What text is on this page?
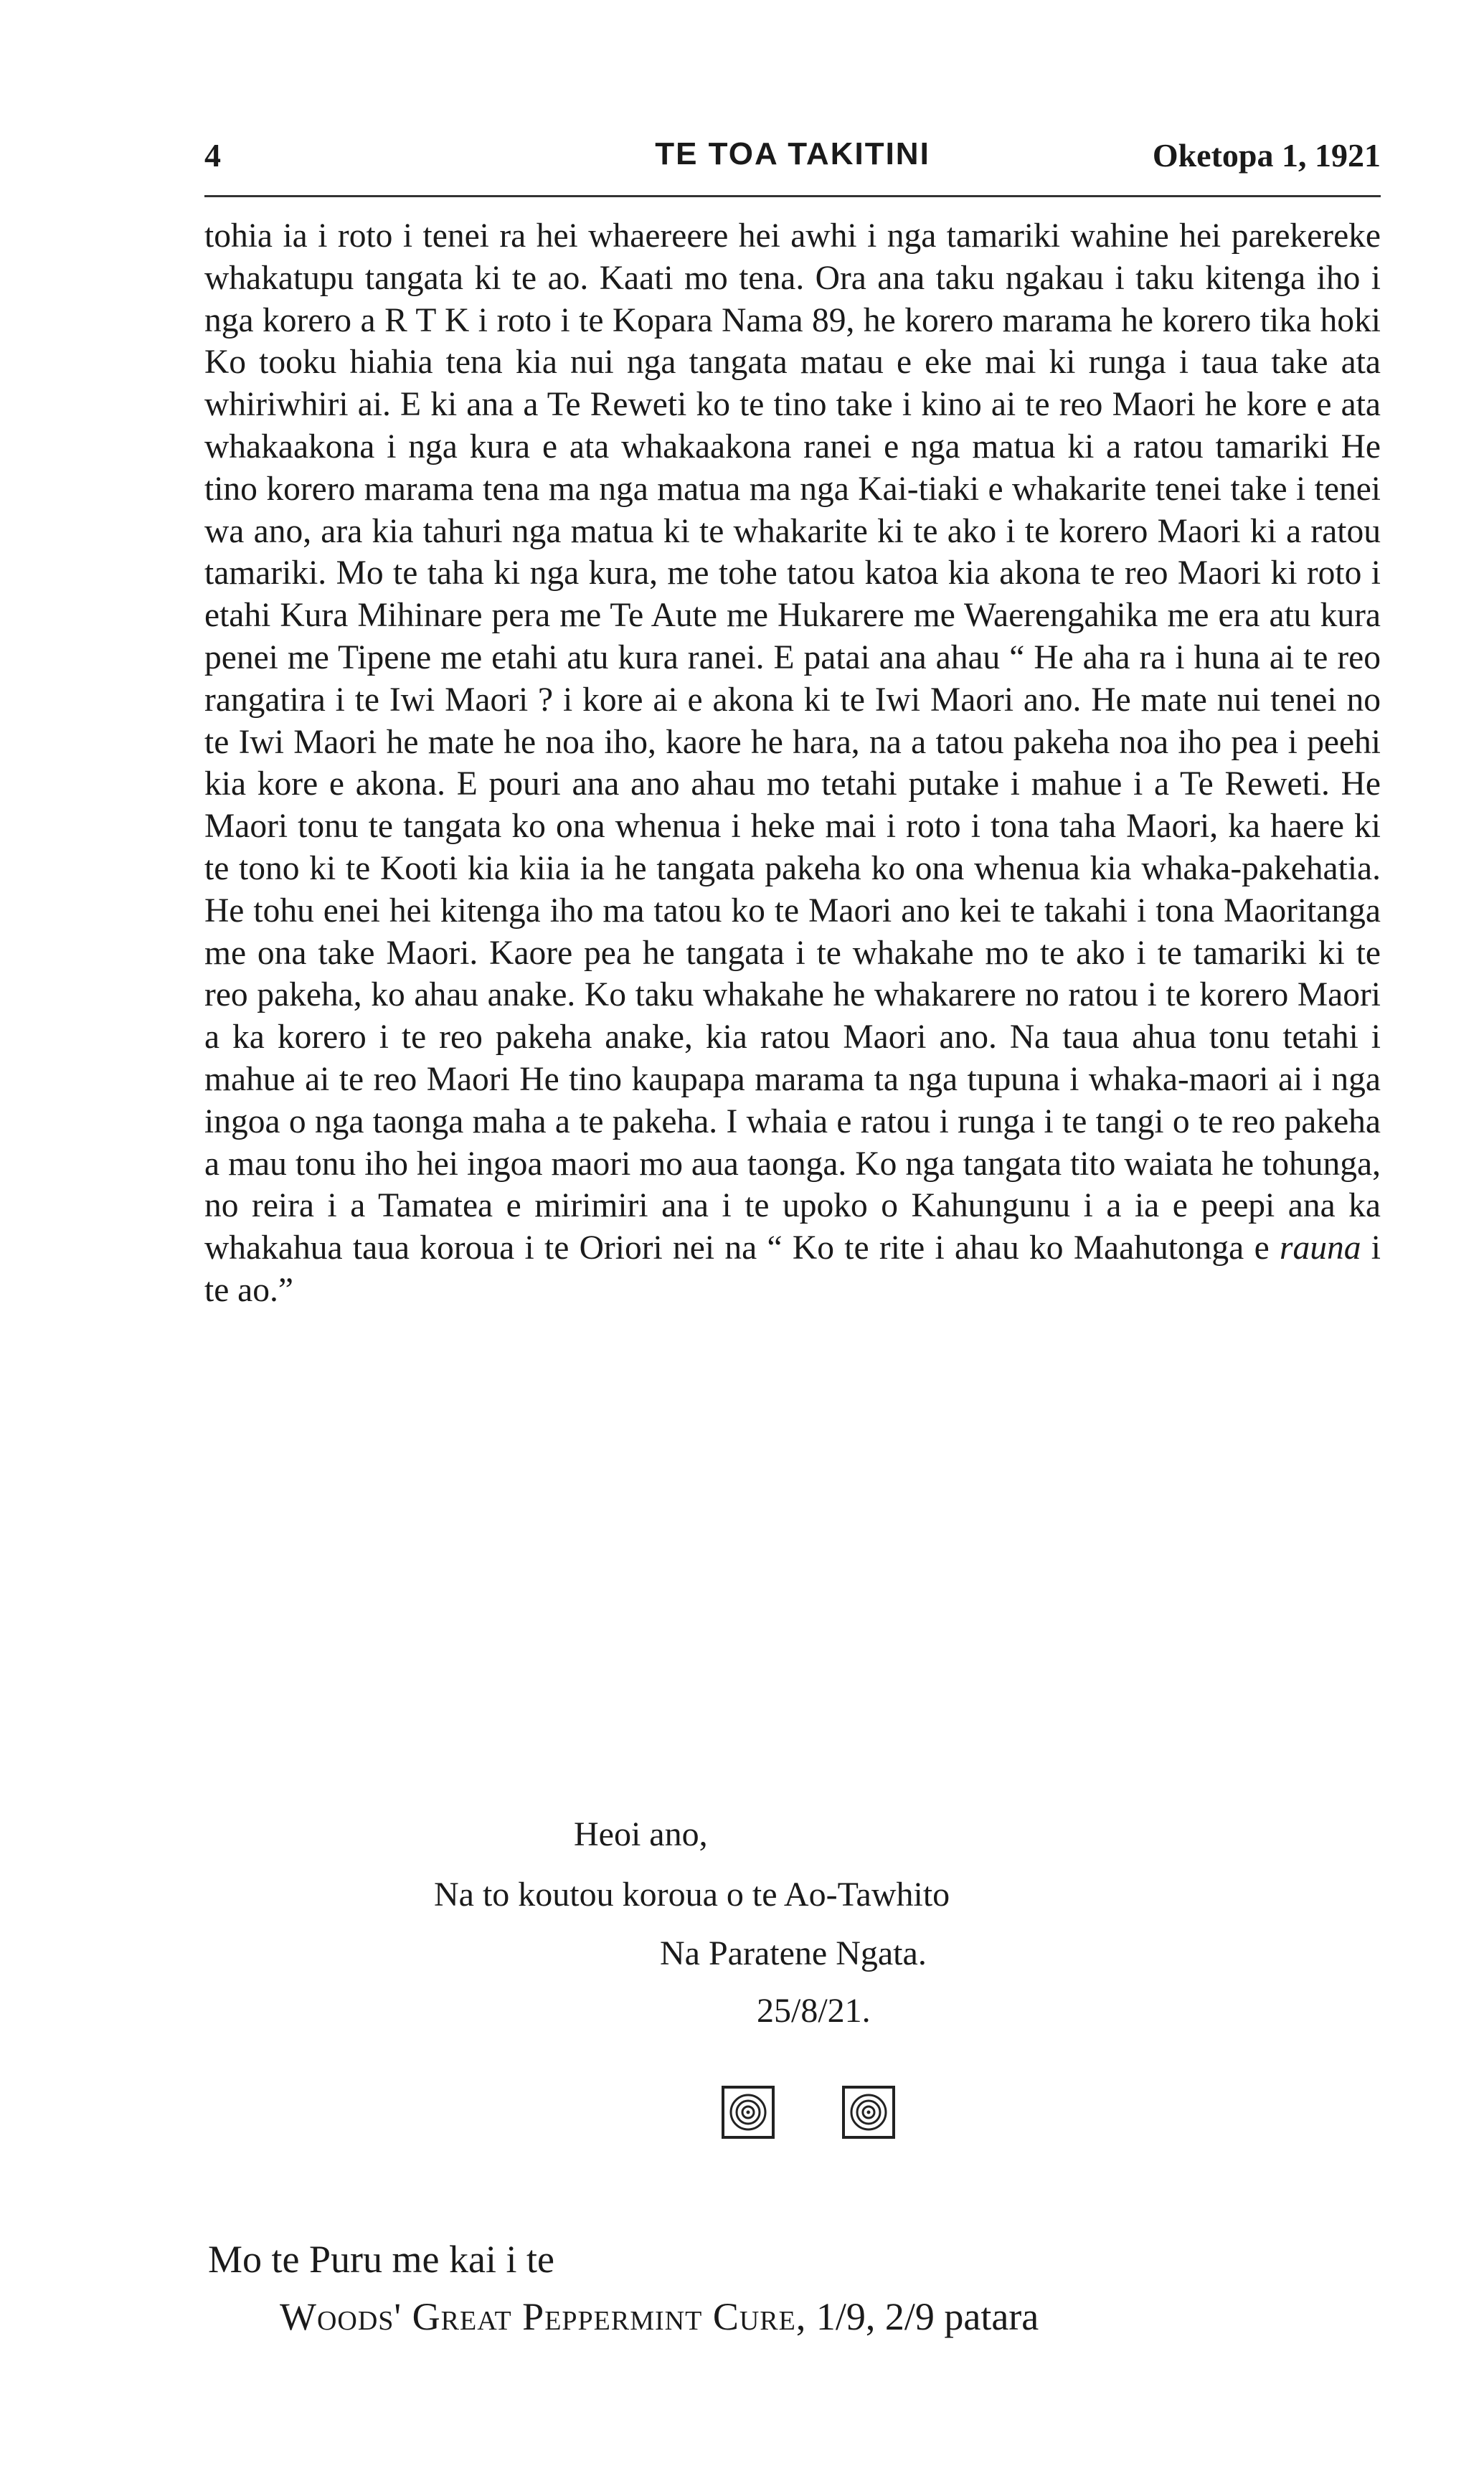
4	TE TOA TAKITINI	Oketopa 1, 1921
tohia ia i roto i tenei ra hei whaereere hei awhi i nga tamariki wahine hei parekereke whakatupu tangata ki te ao. Kaati mo tena. Ora ana taku ngakau i taku kitenga iho i nga korero a R T K i roto i te Kopara Nama 89, he korero marama he korero tika hoki Ko tooku hiahia tena kia nui nga tangata matau e eke mai ki runga i taua take ata whiriwhiri ai. E ki ana a Te Reweti ko te tino take i kino ai te reo Maori he kore e ata whakaakona i nga kura e ata whakaakona ranei e nga matua ki a ratou tamariki He tino korero marama tena ma nga matua ma nga Kai-tiaki e whakarite tenei take i tenei wa ano, ara kia tahuri nga matua ki te whakarite ki te ako i te korero Maori ki a ratou tamariki. Mo te taha ki nga kura, me tohe tatou katoa kia akona te reo Maori ki roto i etahi Kura Mihinare pera me Te Aute me Hukarere me Waerengahika me era atu kura penei me Tipene me etahi atu kura ranei. E patai ana ahau “ He aha ra i huna ai te reo rangatira i te Iwi Maori ? i kore ai e akona ki te Iwi Maori ano. He mate nui tenei no te Iwi Maori he mate he noa iho, kaore he hara, na a tatou pakeha noa iho pea i peehi kia kore e akona. E pouri ana ano ahau mo tetahi putake i mahue i a Te Reweti. He Maori tonu te tangata ko ona whenua i heke mai i roto i tona taha Maori, ka haere ki te tono ki te Kooti kia kiia ia he tangata pakeha ko ona whenua kia whaka-pakehatia. He tohu enei hei kitenga iho ma tatou ko te Maori ano kei te takahi i tona Maoritanga me ona take Maori. Kaore pea he tangata i te whakahe mo te ako i te tamariki ki te reo pakeha, ko ahau anake. Ko taku whakahe he whakarere no ratou i te korero Maori a ka korero i te reo pakeha anake, kia ratou Maori ano. Na taua ahua tonu tetahi i mahue ai te reo Maori He tino kaupapa marama ta nga tupuna i whaka-maori ai i nga ingoa o nga taonga maha a te pakeha. I whaia e ratou i runga i te tangi o te reo pakeha a mau tonu iho hei ingoa maori mo aua taonga. Ko nga tangata tito waiata he tohunga, no reira i a Tamatea e mirimiri ana i te upoko o Kahungunu i a ia e peepi ana ka whakahua taua korouа i te Oriori nei na “ Ko te rite i ahau ko Maahutonga e rauna i te ao.”
Heoi ano,
Na to koutou koroua o te Ao-Tawhito
Na Paratene Ngata.
25/8/21.
Mo te Puru me kai i te
Woods' Great Peppermint Cure, 1/9, 2/9 patara
